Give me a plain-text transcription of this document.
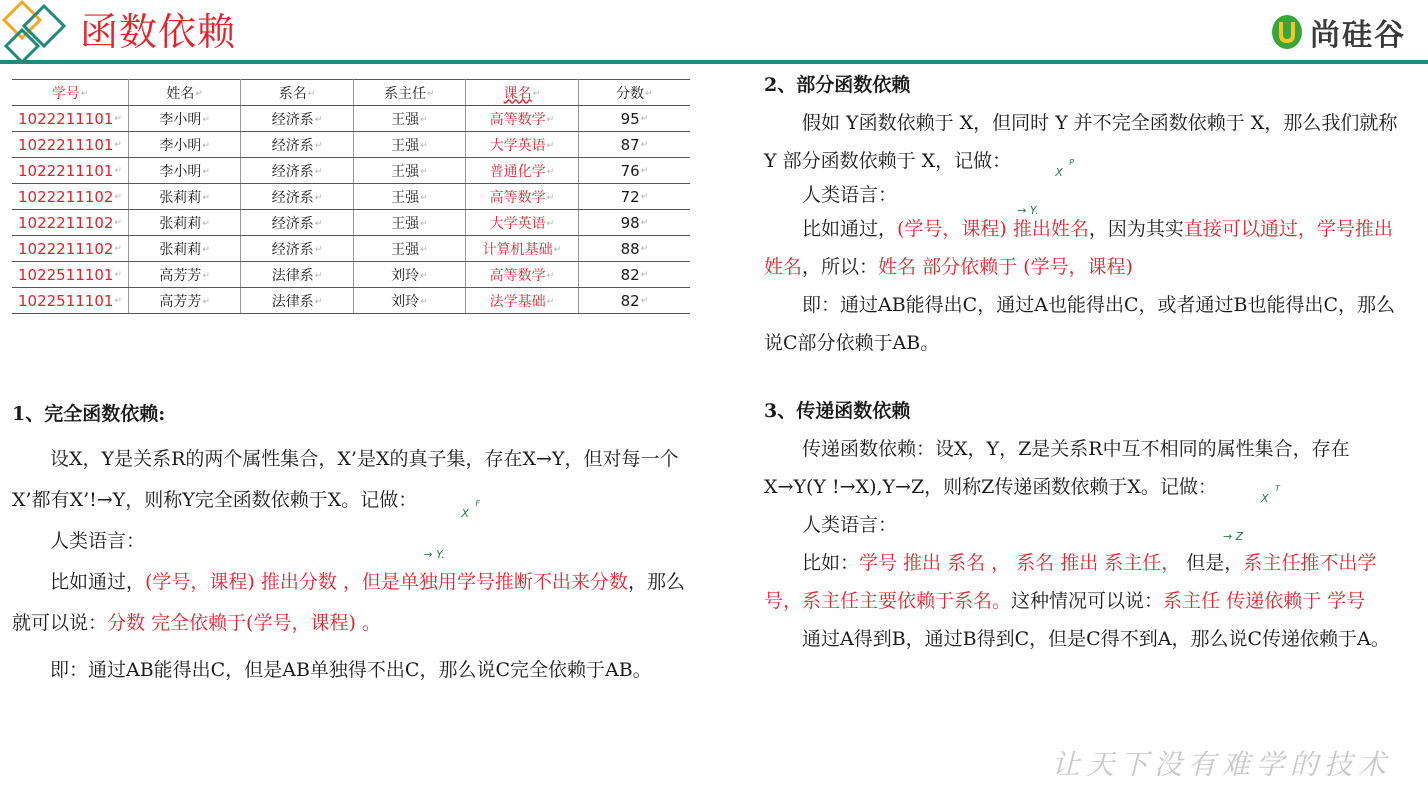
函数依赖	尚硅谷
学号↵	姓名↵	系名↵	系主任↵	课名↵	分数↵
1022211101↵	李小明↵	经济系↵	王强↵	高等数学↵	95↵
1022211101↵	李小明↵	经济系↵	王强↵	大学英语↵	87↵
1022211101↵	李小明↵	经济系↵	王强↵	普通化学↵	76↵
1022211102↵	张莉莉↵	经济系↵	王强↵	高等数学↵	72↵
1022211102↵	张莉莉↵	经济系↵	王强↵	大学英语↵	98↵
1022211102↵	张莉莉↵	经济系↵	王强↵	计算机基础↵	88↵
1022511101↵	高芳芳↵	法律系↵	刘玲↵	高等数学↵	82↵
1022511101↵	高芳芳↵	法律系↵	刘玲↵	法学基础↵	82↵

1、完全函数依赖:

设X，Y是关系R的两个属性集合，X’是X的真子集，存在X→Y，但对每一个X’都有X’!→Y，则称Y完全函数依赖于X。记做：	F
X → Y.

人类语言：

比如通过，(学号，课程) 推出分数 ，但是单独用学号推断不出来分数，那么就可以说：分数 完全依赖于(学号，课程) 。

即：通过AB能得出C，但是AB单独得不出C，那么说C完全依赖于AB。

2、部分函数依赖

假如 Y函数依赖于 X，但同时 Y 并不完全函数依赖于 X，那么我们就称 Y 部分函数依赖于 X，记做：	P
X → Y.

人类语言：

比如通过，(学号，课程) 推出姓名，因为其实直接可以通过，学号推出姓名，所以：姓名 部分依赖于 (学号，课程)

即：通过AB能得出C，通过A也能得出C，或者通过B也能得出C，那么说C部分依赖于AB。

3、传递函数依赖

传递函数依赖：设X，Y，Z是关系R中互不相同的属性集合，存在X→Y(Y !→X),Y→Z，则称Z传递函数依赖于X。记做：	T
X → Z

人类语言：

比如：学号 推出 系名 ， 系名 推出 系主任， 但是，系主任推不出学号，系主任主要依赖于系名。这种情况可以说：系主任 传递依赖于 学号

通过A得到B，通过B得到C，但是C得不到A，那么说C传递依赖于A。

让天下没有难学的技术
